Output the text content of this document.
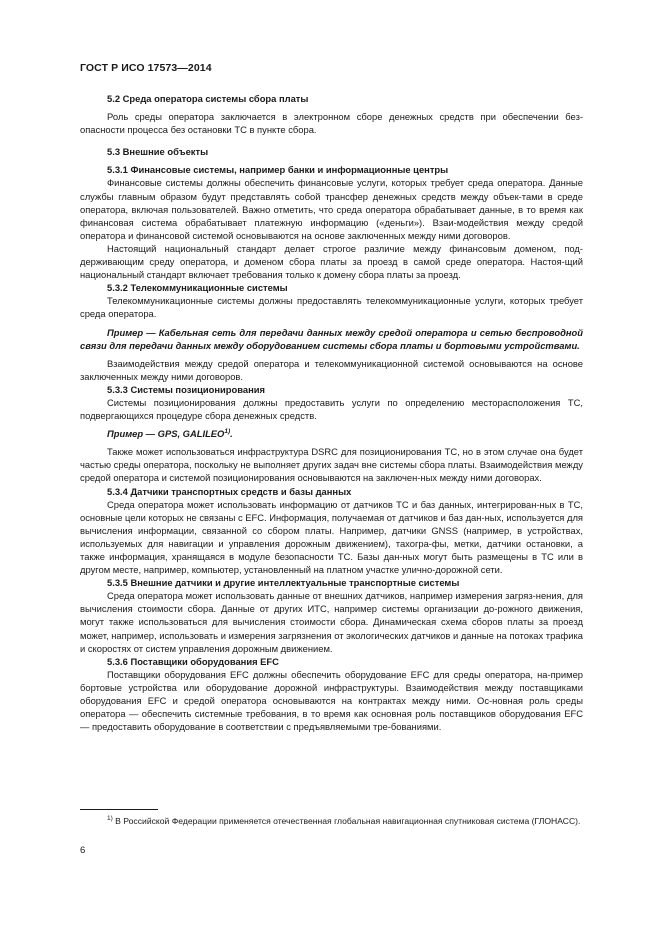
ГОСТ Р ИСО 17573—2014

5.2 Среда оператора системы сбора платы

Роль среды оператора заключается в электронном сборе денежных средств при обеспечении без-опасности процесса без остановки ТС в пункте сбора.

5.3 Внешние объекты

5.3.1 Финансовые системы, например банки и информационные центры

Финансовые системы должны обеспечить финансовые услуги, которых требует среда оператора. Данные службы главным образом будут представлять собой трансфер денежных средств между объек-тами в среде оператора, включая пользователей. Важно отметить, что среда оператора обрабатывает данные, в то время как финансовая система обрабатывает платежную информацию («деньги»). Взаи-модействия между средой оператора и финансовой системой основываются на основе заключенных между ними договоров.

Настоящий национальный стандарт делает строгое различие между финансовым доменом, под-держивающим среду оператора, и доменом сбора платы за проезд в самой среде оператора. Настоя-щий национальный стандарт включает требования только к домену сбора платы за проезд.

5.3.2 Телекоммуникационные системы

Телекоммуникационные системы должны предоставлять телекоммуникационные услуги, которых требует среда оператора.

Пример — Кабельная сеть для передачи данных между средой оператора и сетью беспроводной связи для передачи данных между оборудованием системы сбора платы и бортовыми устройствами.

Взаимодействия между средой оператора и телекоммуникационной системой основываются на основе заключенных между ними договоров.

5.3.3 Системы позиционирования

Системы позиционирования должны предоставить услуги по определению месторасположения ТС, подвергающихся процедуре сбора денежных средств.

Пример — GPS, GALILEO$^{1)}$.

Также может использоваться инфраструктура DSRC для позиционирования ТС, но в этом случае она будет частью среды оператора, поскольку не выполняет других задач вне системы сбора платы. Взаимодействия между средой оператора и системой позиционирования основываются на заключен-ных между ними договорах.

5.3.4 Датчики транспортных средств и базы данных

Среда оператора может использовать информацию от датчиков ТС и баз данных, интегрирован-ных в ТС, основные цели которых не связаны с EFC. Информация, получаемая от датчиков и баз дан-ных, используется для вычисления информации, связанной со сбором платы. Например, датчики GNSS (например, в устройствах, используемых для навигации и управления дорожным движением), тахогра-фы, метки, датчики остановки, а также информация, хранящаяся в модуле безопасности ТС. Базы дан-ных могут быть размещены в ТС или в другом месте, например, компьютер, установленный на платном участке улично-дорожной сети.

5.3.5 Внешние датчики и другие интеллектуальные транспортные системы

Среда оператора может использовать данные от внешних датчиков, например измерения загряз-нения, для вычисления стоимости сбора. Данные от других ИТС, например системы организации до-рожного движения, могут также использоваться для вычисления стоимости сбора. Динамическая схема сборов платы за проезд может, например, использовать и измерения загрязнения от экологических датчиков и данные на потоках трафика и скоростях от систем управления дорожным движением.

5.3.6 Поставщики оборудования EFC

Поставщики оборудования EFC должны обеспечить оборудование EFC для среды оператора, на-пример бортовые устройства или оборудование дорожной инфраструктуры. Взаимодействия между поставщиками оборудования EFC и средой оператора основываются на контрактах между ними. Ос-новная роль среды оператора — обеспечить системные требования, в то время как основная роль поставщиков оборудования EFC — предоставить оборудование в соответствии с предъявляемыми тре-бованиями.

$^{1)}$ В Российской Федерации применяется отечественная глобальная навигационная спутниковая система (ГЛОНАСС).
6
